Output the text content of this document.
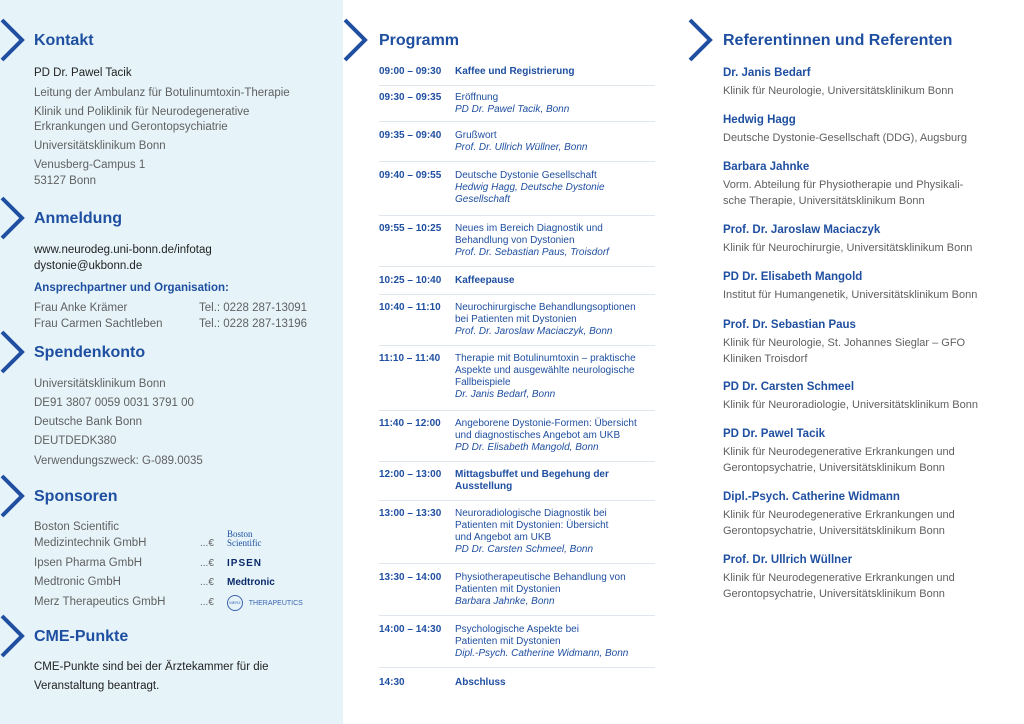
Kontakt
PD Dr. Pawel Tacik
Leitung der Ambulanz für Botulinumtoxin-Therapie
Klinik und Poliklinik für Neurodegenerative
Erkrankungen und Gerontopsychiatrie
Universitätsklinikum Bonn
Venusberg-Campus 1
53127 Bonn
Anmeldung
www.neurodeg.uni-bonn.de/infotag
dystonie@ukbonn.de
Ansprechpartner und Organisation:
Frau Anke Krämer	Tel.: 0228 287-13091
Frau Carmen Sachtleben	Tel.: 0228 287-13196
Spendenkonto
Universitätsklinikum Bonn
DE91 3807 0059 0031 3791 00
Deutsche Bank Bonn
DEUTDEDK380
Verwendungszweck: G-089.0035
Sponsoren
Boston Scientific
Medizintechnik GmbH	...€
Boston Scientific
Ipsen Pharma GmbH	...€ IPSEN
Medtronic GmbH	...€ Medtronic
Merz Therapeutics GmbH	...€	MERZ THERAPEUTICS
CME-Punkte
CME-Punkte sind bei der Ärztekammer für die
Veranstaltung beantragt.
Programm
09:00 – 09:30 Kaffee und Registrierung
09:30 – 09:35 Eröffnung
PD Dr. Pawel Tacik, Bonn
09:35 – 09:40 Grußwort
Prof. Dr. Ullrich Wüllner, Bonn
09:40 – 09:55 Deutsche Dystonie Gesellschaft
Hedwig Hagg, Deutsche Dystonie
Gesellschaft
09:55 – 10:25 Neues im Bereich Diagnostik und
Behandlung von Dystonien
Prof. Dr. Sebastian Paus, Troisdorf
10:25 – 10:40 Kaffeepause
10:40 – 11:10 Neurochirurgische Behandlungsoptionen
bei Patienten mit Dystonien
Prof. Dr. Jaroslaw Maciaczyk, Bonn
11:10 – 11:40 Therapie mit Botulinumtoxin – praktische
Aspekte und ausgewählte neurologische
Fallbeispiele
Dr. Janis Bedarf, Bonn
11:40 – 12:00 Angeborene Dystonie-Formen: Übersicht
und diagnostisches Angebot am UKB
PD Dr. Elisabeth Mangold, Bonn
12:00 – 13:00 Mittagsbuffet und Begehung der
Ausstellung
13:00 – 13:30 Neuroradiologische Diagnostik bei
Patienten mit Dystonien: Übersicht
und Angebot am UKB
PD Dr. Carsten Schmeel, Bonn
13:30 – 14:00 Physiotherapeutische Behandlung von
Patienten mit Dystonien
Barbara Jahnke, Bonn
14:00 – 14:30 Psychologische Aspekte bei
Patienten mit Dystonien
Dipl.-Psych. Catherine Widmann, Bonn
14:30	Abschluss
Referentinnen und Referenten
Dr. Janis Bedarf
Klinik für Neurologie, Universitätsklinikum Bonn
Hedwig Hagg
Deutsche Dystonie-Gesellschaft (DDG), Augsburg
Barbara Jahnke
Vorm. Abteilung für Physiotherapie und Physikali-
sche Therapie, Universitätsklinikum Bonn
Prof. Dr. Jaroslaw Maciaczyk
Klinik für Neurochirurgie, Universitätsklinikum Bonn
PD Dr. Elisabeth Mangold
Institut für Humangenetik, Universitätsklinikum Bonn
Prof. Dr. Sebastian Paus
Klinik für Neurologie, St. Johannes Sieglar – GFO
Kliniken Troisdorf
PD Dr. Carsten Schmeel
Klinik für Neuroradiologie, Universitätsklinikum Bonn
PD Dr. Pawel Tacik
Klinik für Neurodegenerative Erkrankungen und
Gerontopsychatrie, Universitätsklinikum Bonn
Dipl.-Psych. Catherine Widmann
Klinik für Neurodegenerative Erkrankungen und
Gerontopsychatrie, Universitätsklinikum Bonn
Prof. Dr. Ullrich Wüllner
Klinik für Neurodegenerative Erkrankungen und
Gerontopsychatrie, Universitätsklinikum Bonn
